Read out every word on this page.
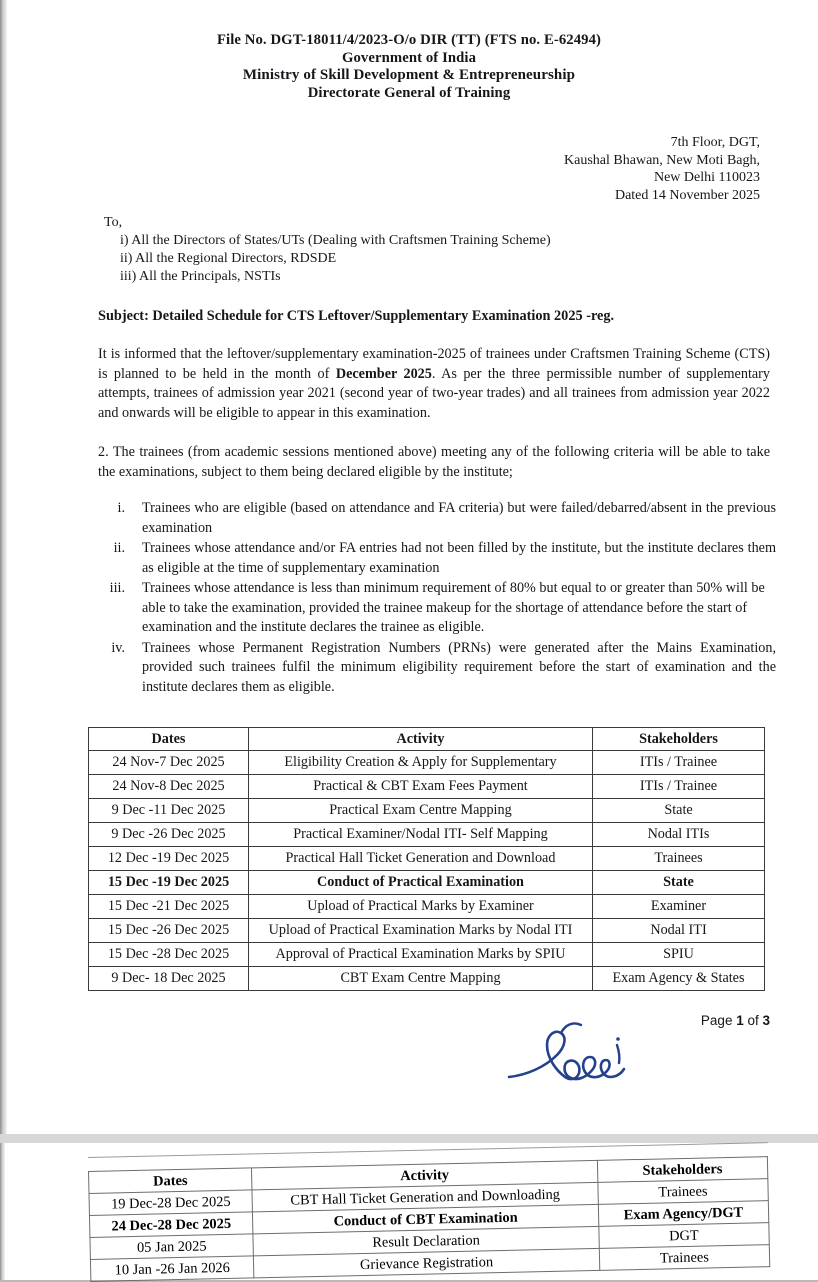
File No. DGT-18011/4/2023-O/o DIR (TT) (FTS no. E-62494)
Government of India
Ministry of Skill Development & Entrepreneurship
Directorate General of Training
7th Floor, DGT,
Kaushal Bhawan, New Moti Bagh,
New Delhi 110023
Dated 14 November 2025
To,
i) All the Directors of States/UTs (Dealing with Craftsmen Training Scheme)
ii) All the Regional Directors, RDSDE
iii) All the Principals, NSTIs
Subject: Detailed Schedule for CTS Leftover/Supplementary Examination 2025 -reg.

It is informed that the leftover/supplementary examination-2025 of trainees under Craftsmen Training Scheme (CTS) is planned to be held in the month of December 2025. As per the three permissible number of supplementary attempts, trainees of admission year 2021 (second year of two-year trades) and all trainees from admission year 2022 and onwards will be eligible to appear in this examination.

2. The trainees (from academic sessions mentioned above) meeting any of the following criteria will be able to take the examinations, subject to them being declared eligible by the institute;

i.	Trainees who are eligible (based on attendance and FA criteria) but were failed/debarred/absent in the previous examination
ii.	Trainees whose attendance and/or FA entries had not been filled by the institute, but the institute declares them as eligible at the time of supplementary examination
iii.	Trainees whose attendance is less than minimum requirement of 80% but equal to or greater than 50% will be able to take the examination, provided the trainee makeup for the shortage of attendance before the start of examination and the institute declares the trainee as eligible.
iv.	Trainees whose Permanent Registration Numbers (PRNs) were generated after the Mains Examination, provided such trainees fulfil the minimum eligibility requirement before the start of examination and the institute declares them as eligible.
Dates	Activity	Stakeholders
24 Nov-7 Dec 2025	Eligibility Creation & Apply for Supplementary	ITIs / Trainee
24 Nov-8 Dec 2025	Practical & CBT Exam Fees Payment	ITIs / Trainee
9 Dec -11 Dec 2025	Practical Exam Centre Mapping	State
9 Dec -26 Dec 2025	Practical Examiner/Nodal ITI- Self Mapping	Nodal ITIs
12 Dec -19 Dec 2025	Practical Hall Ticket Generation and Download	Trainees
15 Dec -19 Dec 2025	Conduct of Practical Examination	State
15 Dec -21 Dec 2025	Upload of Practical Marks by Examiner	Examiner
15 Dec -26 Dec 2025	Upload of Practical Examination Marks by Nodal ITI	Nodal ITI
15 Dec -28 Dec 2025	Approval of Practical Examination Marks by SPIU	SPIU
9 Dec- 18 Dec 2025	CBT Exam Centre Mapping	Exam Agency & States
Page 1 of 3
Dates	Activity	Stakeholders
19 Dec-28 Dec 2025	CBT Hall Ticket Generation and Downloading	Trainees
24 Dec-28 Dec 2025	Conduct of CBT Examination	Exam Agency/DGT
05 Jan 2025	Result Declaration	DGT
10 Jan -26 Jan 2026	Grievance Registration	Trainees
